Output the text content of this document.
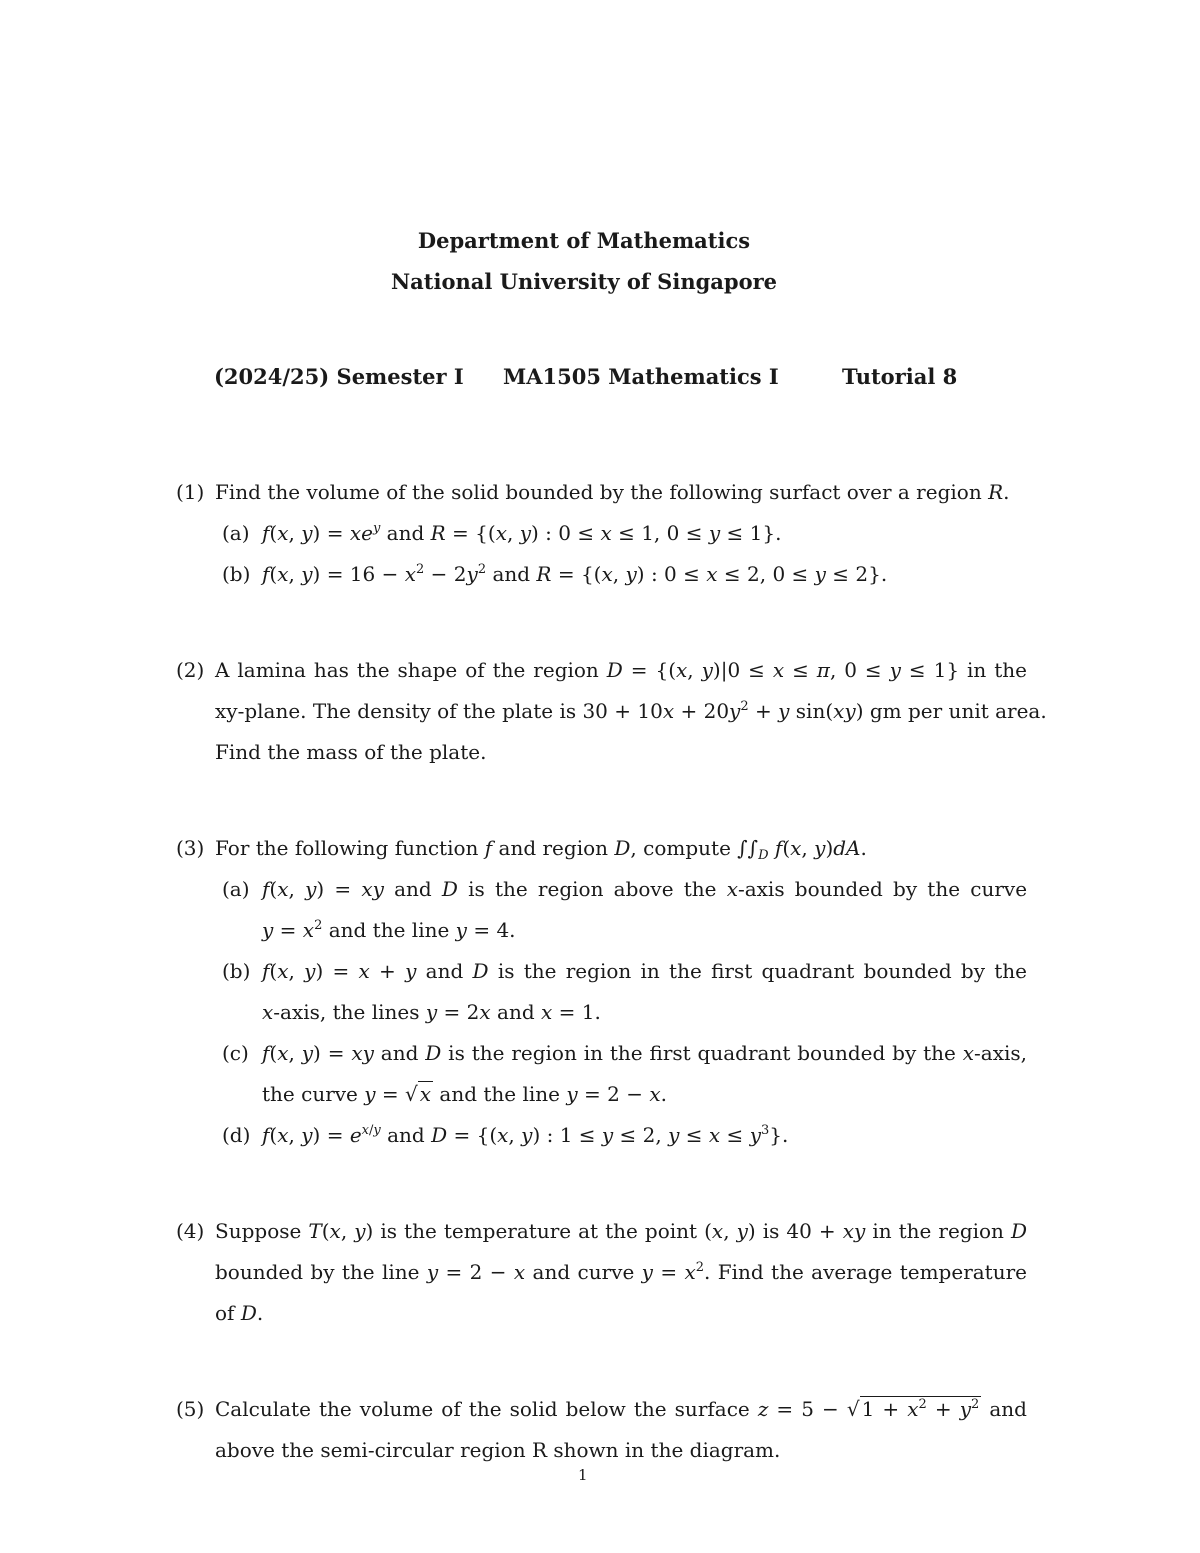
Department of Mathematics
National University of Singapore
(2024/25) Semester I MA1505 Mathematics I	Tutorial 8
(1) Find the volume of the solid bounded by the following surfact over a region R.
(a) f(x, $y) = xe^y$ and R = {(x, y) : 0 ≤ x ≤ 1, 0 ≤ y ≤ 1}.
(b) f(x, $y) = 16 - x^2 - 2y^2$ and R = {(x, y) : 0 ≤ x ≤ 2, 0 ≤ y ≤ 2}.
(2) A lamina has the shape of the region D = {(x, y)|0 ≤ x ≤ π, 0 ≤ y ≤ 1} in the
xy-plane. The density of the plate is $30 + 10x + 20y^2 + y$ sin(xy) gm per unit area.
Find the mass of the plate.
(3) For the following function f and region D, compute $\int\int_D$ f(x, y)dA.
(a) f(x, y) = xy and D is the region above the x-axis bounded by the curve
$y = x^2$ and the line y = 4.
(b) f(x, y) = x + y and D is the region in the first quadrant bounded by the
x-axis, the lines y = 2x and x = 1.
(c) f(x, y) = xy and D is the region in the first quadrant bounded by the x-axis,
the curve y = √ x and the line y = 2 − x.
(d) f(x, $y) = e^{x/y}$ and D = {(x, y) : 1 ≤ y ≤ 2, $y \le x \le y^3$}.
(4) Suppose T(x, y) is the temperature at the point (x, y) is 40 + xy in the region D
bounded by the line y = 2 − x and curve $y = x^2$. Find the average temperature
of D.
(5) Calculate the volume of the solid below the surface z = 5 − √ $1 + x^2 + y^2$ and
above the semi-circular region R shown in the diagram.
1
